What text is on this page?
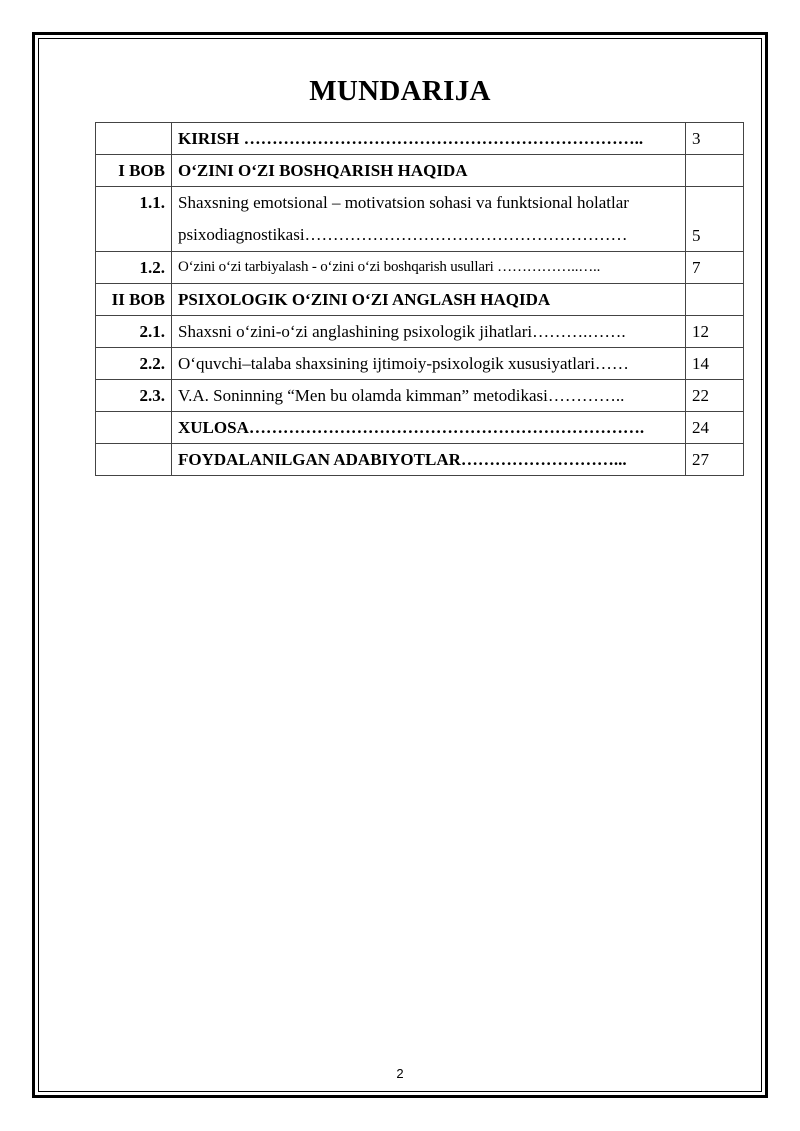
MUNDARIJA
	KIRISH ……………………………………………………………..	3
I BOB	O‘ZINI O‘ZI BOSHQARISH HAQIDA	
1.1.	Shaxsning emotsional – motivatsion sohasi va funktsional holatlar
psixodiagnostikasi…………………………………………………	5
1.2.	O‘zini o‘zi tarbiyalash - o‘zini o‘zi boshqarish usullari ……………..…..	7
II BOB	PSIXOLOGIK O‘ZINI O‘ZI ANGLASH HAQIDA	
2.1.	Shaxsni o‘zini-o‘zi anglashining psixologik jihatlari……….…….	12
2.2.	O‘quvchi–talaba shaxsining ijtimoiy-psixologik xususiyatlari……	14
2.3.	V.A. Soninning “Men bu olamda kimman” metodikasi…………..	22
	XULOSA…………………………………………………………….	24
	FOYDALANILGAN ADABIYOTLAR………………………...	27
2
